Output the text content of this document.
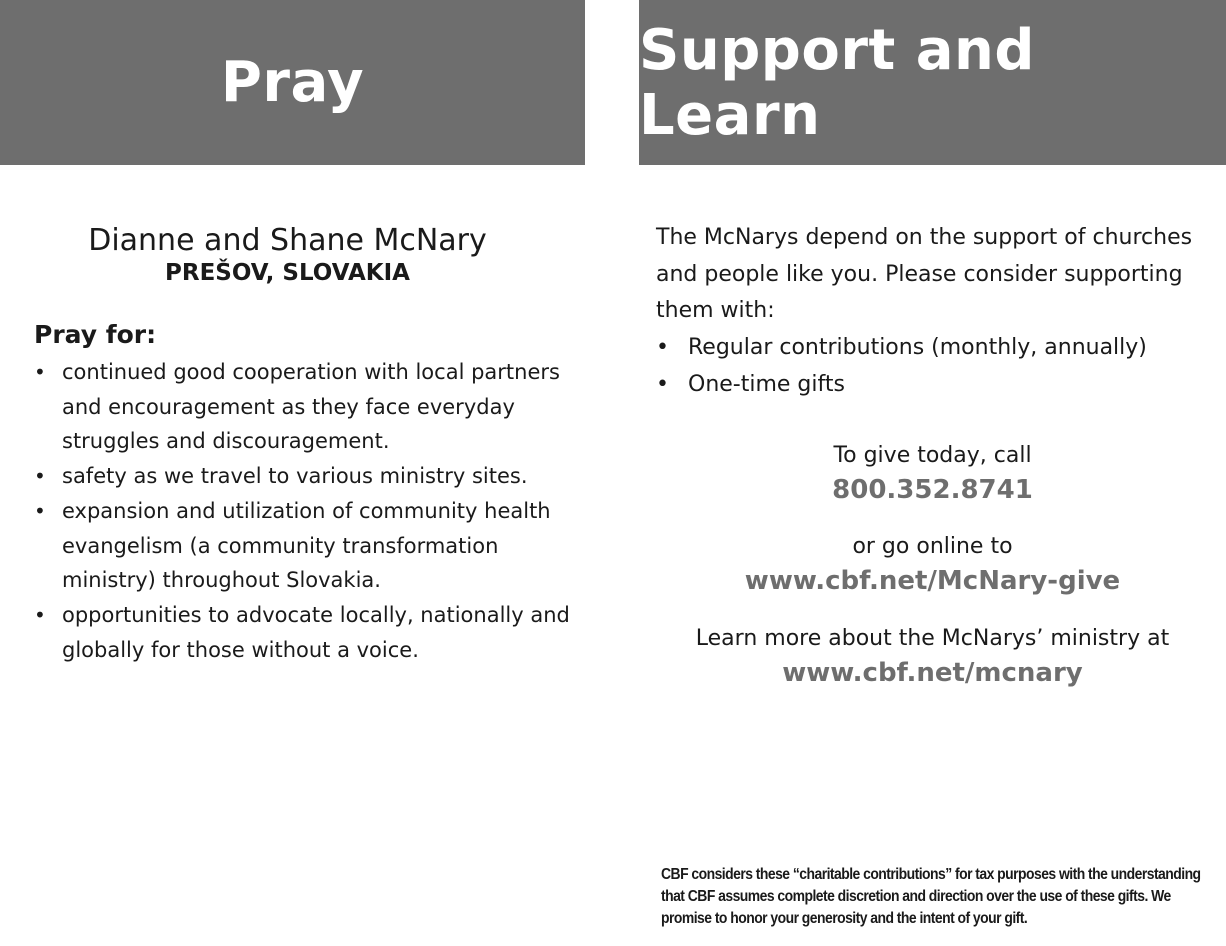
Pray	Support and Learn
Dianne and Shane McNary
PREŠOV, SLOVAKIA
Pray for:
• continued good cooperation with local partners and encouragement as they face everyday struggles and discouragement.
• safety as we travel to various ministry sites.
• expansion and utilization of community health evangelism (a community transformation ministry) throughout Slovakia.
• opportunities to advocate locally, nationally and globally for those without a voice.
The McNarys depend on the support of churches and people like you. Please consider supporting them with:
• Regular contributions (monthly, annually)
• One-time gifts
To give today, call
800.352.8741
or go online to
www.cbf.net/McNary-give
Learn more about the McNarys’ ministry at
www.cbf.net/mcnary
CBF considers these “charitable contributions” for tax purposes with the understanding that CBF assumes complete discretion and direction over the use of these gifts. We promise to honor your generosity and the intent of your gift.
